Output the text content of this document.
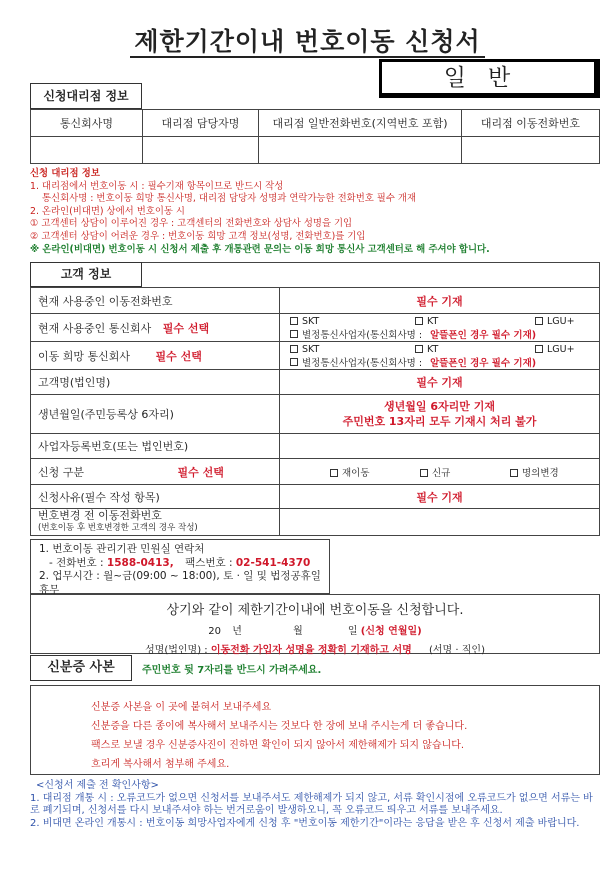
제한기간이내 번호이동 신청서
일반
신청대리점 정보
통신회사명	대리점 담당자명	대리점 일반전화번호(지역번호 포함)	대리점 이동전화번호

신청 대리점 정보
1. 대리점에서 번호이동 시 : 필수기재 항목이므로 반드시 작성
통신회사명 : 번호이동 희망 통신사명, 대리점 담당자 성명과 연락가능한 전화번호 필수 개재
2. 온라인(비대면) 상에서 번호이동 시
① 고객센터 상담이 이루어진 경우 : 고객센터의 전화번호와 상담사 성명을 기입
② 고객센터 상담이 어려운 경우 : 번호이동 희망 고객 정보(성명, 전화번호)를 기입
※ 온라인(비대면) 번호이동 시 신청서 제출 후 개통관련 문의는 이동 희망 통신사 고객센터로 해 주셔야 합니다.
고객 정보
현재 사용중인 이동전화번호	필수 기재
현재 사용중인 통신회사 필수 선택	SKT KT LGU+
별정통신사업자(통신회사명 : 알뜰폰인 경우 필수 기재)

이동 희망 통신회사 필수 선택	SKT KT LGU+
별정통신사업자(통신회사명 : 알뜰폰인 경우 필수 기재)

고객명(법인명)	필수 기재
생년월일(주민등록상 6자리)	생년월일 6자리만 기재
주민번호 13자리 모두 기재시 처리 불가

사업자등록번호(또는 법인번호)	
신청 구분 필수 선택	재이동 신규 명의변경

신청사유(필수 작성 항목)	필수 기재

번호변경 전 이동전화번호
(번호이동 후 번호변경한 고객의 경우 작성)	

1. 번호이동 관리기관 민원실 연락처
- 전화번호 : 1588-0413, 팩스번호 : 02-541-4370
2. 업무시간 : 월~금(09:00 ~ 18:00), 토 · 일 및 법정공휴일 휴무
상기와 같이 제한기간이내에 번호이동을 신청합니다.
20 년	월	일 (신청 연월일)
성명(법인명) : 이동전화 가입자 성명을 정확히 기재하고 서명 (서명 · 직인)
신분증 사본	주민번호 뒷 7자리를 반드시 가려주세요.
신분증 사본을 이 곳에 붙혀서 보내주세요
신분증을 다른 종이에 복사해서 보내주시는 것보다 한 장에 보내 주시는게 더 좋습니다.
팩스로 보낼 경우 신분증사진이 진하면 확인이 되지 않아서 제한해제가 되지 않습니다.
흐리게 복사해서 첨부해 주세요.
<신청서 제출 전 확인사항>
1. 대리점 개통 시 : 오류코드가 없으면 신청서를 보내주셔도 제한해제가 되지 않고, 서류 확인시점에 오류코드가 없으면 서류는 바로 폐기되며, 신청서를 다시 보내주셔야 하는 번거로움이 발생하오니, 꼭 오류코드 띄우고 서류를 보내주세요.
2. 비대면 온라인 개통시 : 번호이동 희망사업자에게 신청 후 "번호이동 제한기간"이라는 응답을 받은 후 신청서 제출 바랍니다.
